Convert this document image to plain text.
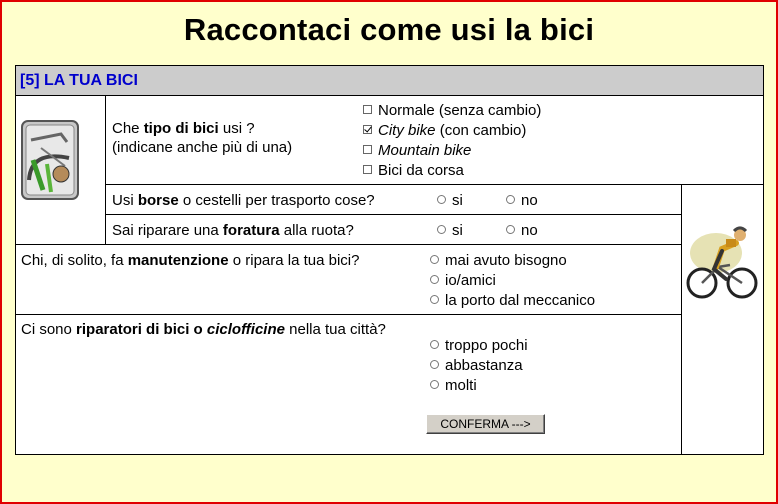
Raccontaci come usi la bici
[5] LA TUA BICI
Che tipo di bici usi ?
(indicane anche più di una)
Normale (senza cambio)
City bike (con cambio)
Mountain bike
Bici da corsa
Usi borse o cestelli per trasporto cose?	si	no
Sai riparare una foratura alla ruota?	si	no
Chi, di solito, fa manutenzione o ripara la tua bici?	mai avuto bisogno
io/amici
la porto dal meccanico
Ci sono riparatori di bici o ciclofficine nella tua città?
troppo pochi
abbastanza
molti
CONFERMA --->
